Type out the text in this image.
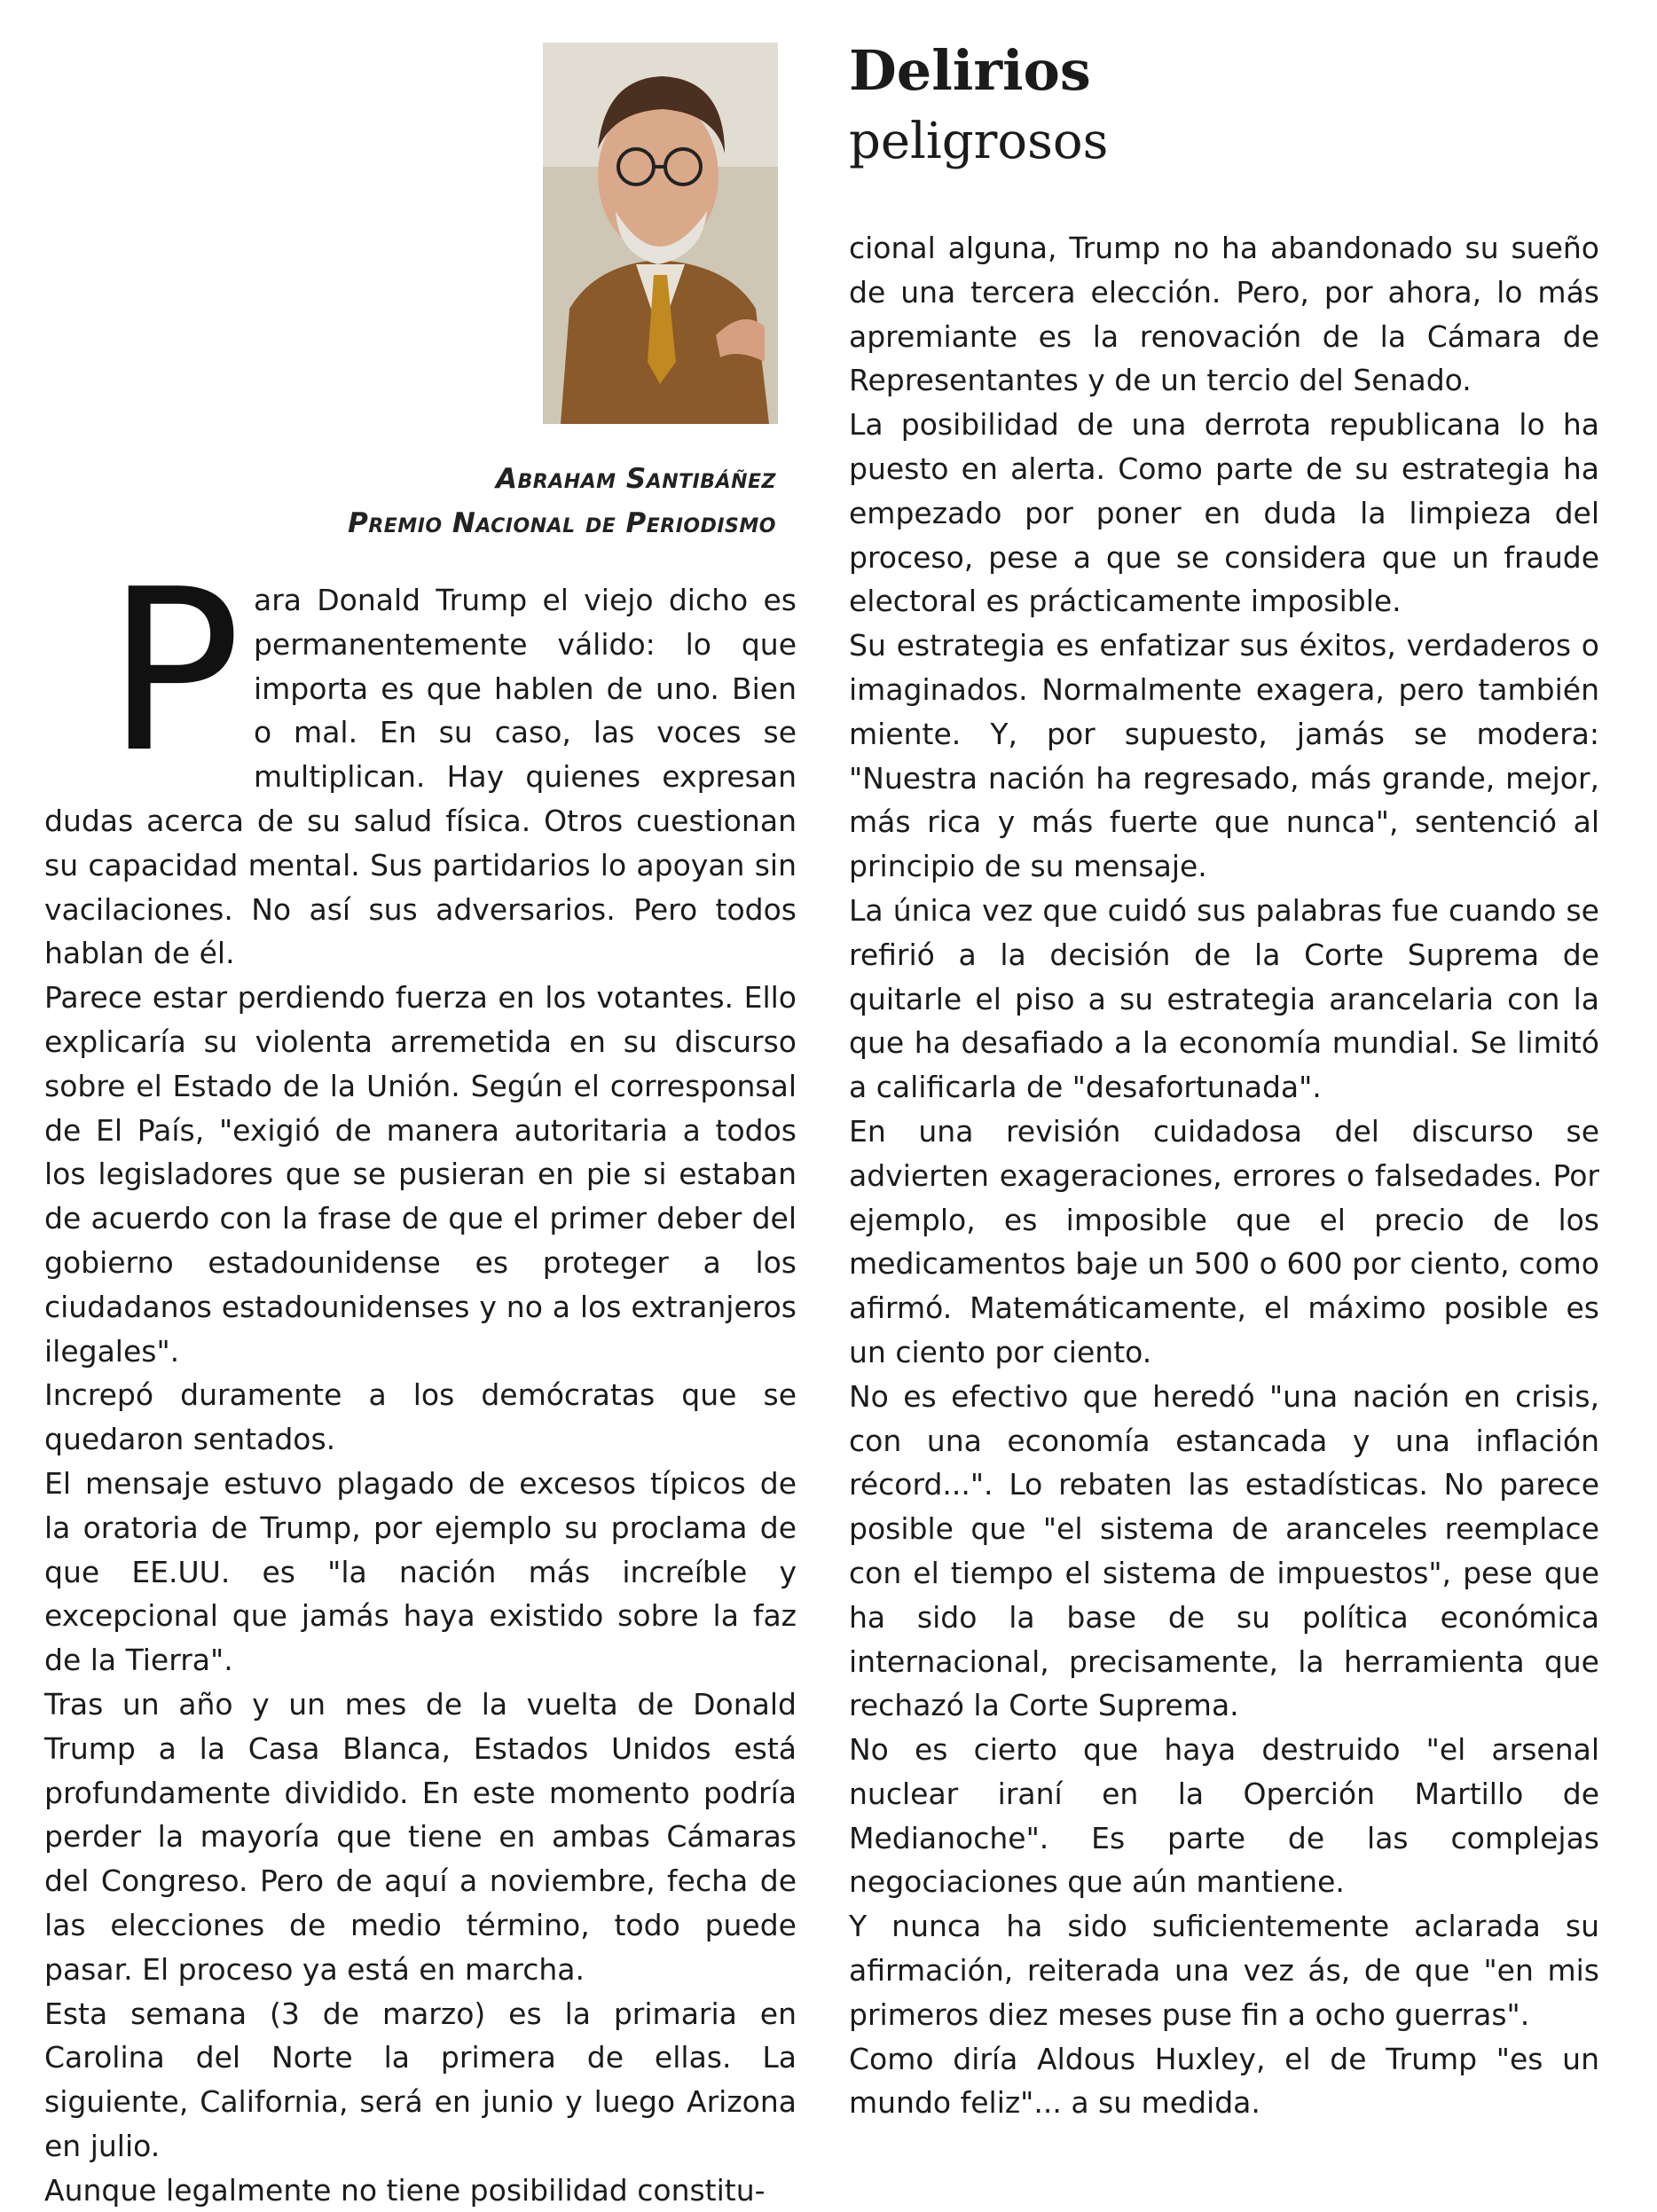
Abraham Santibáñez
Premio Nacional de Periodismo
Delirios
peligrosos
P ara Donald Trump el viejo dicho es permanentemente válido: lo que importa es que hablen de uno. Bien o mal. En su caso, las voces se multiplican. Hay quienes expresan dudas acerca de su salud física. Otros cuestionan su capacidad mental. Sus partidarios lo apoyan sin vacilaciones. No así sus adversarios. Pero todos hablan de él.

Parece estar perdiendo fuerza en los votantes. Ello explicaría su violenta arremetida en su discurso sobre el Estado de la Unión. Según el corresponsal de El País, "exigió de manera autoritaria a todos los legisladores que se pusieran en pie si estaban de acuerdo con la frase de que el primer deber del gobierno estadounidense es proteger a los ciudadanos estadounidenses y no a los extranjeros ilegales".

Increpó duramente a los demócratas que se quedaron sentados.

El mensaje estuvo plagado de excesos típicos de la oratoria de Trump, por ejemplo su proclama de que EE.UU. es "la nación más increíble y excepcional que jamás haya existido sobre la faz de la Tierra".

Tras un año y un mes de la vuelta de Donald Trump a la Casa Blanca, Estados Unidos está profundamente dividido. En este momento podría perder la mayoría que tiene en ambas Cámaras del Congreso. Pero de aquí a noviembre, fecha de las elecciones de medio término, todo puede pasar. El proceso ya está en marcha.

Esta semana (3 de marzo) es la primaria en Carolina del Norte la primera de ellas. La siguiente, California, será en junio y luego Arizona en julio.

Aunque legalmente no tiene posibilidad constitu-

cional alguna, Trump no ha abandonado su sueño de una tercera elección. Pero, por ahora, lo más apremiante es la renovación de la Cámara de Representantes y de un tercio del Senado.

La posibilidad de una derrota republicana lo ha puesto en alerta. Como parte de su estrategia ha empezado por poner en duda la limpieza del proceso, pese a que se considera que un fraude electoral es prácticamente imposible.

Su estrategia es enfatizar sus éxitos, verdaderos o imaginados. Normalmente exagera, pero también miente. Y, por supuesto, jamás se modera: "Nuestra nación ha regresado, más grande, mejor, más rica y más fuerte que nunca", sentenció al principio de su mensaje.

La única vez que cuidó sus palabras fue cuando se refirió a la decisión de la Corte Suprema de quitarle el piso a su estrategia arancelaria con la que ha desafiado a la economía mundial. Se limitó a calificarla de "desafortunada".

En una revisión cuidadosa del discurso se advierten exageraciones, errores o falsedades. Por ejemplo, es imposible que el precio de los medicamentos baje un 500 o 600 por ciento, como afirmó. Matemáticamente, el máximo posible es un ciento por ciento.

No es efectivo que heredó "una nación en crisis, con una economía estancada y una inflación récord...". Lo rebaten las estadísticas. No parece posible que "el sistema de aranceles reemplace con el tiempo el sistema de impuestos", pese que ha sido la base de su política económica internacional, precisamente, la herramienta que rechazó la Corte Suprema.

No es cierto que haya destruido "el arsenal nuclear iraní en la Operción Martillo de Medianoche". Es parte de las complejas negociaciones que aún mantiene.

Y nunca ha sido suficientemente aclarada su afirmación, reiterada una vez ás, de que "en mis primeros diez meses puse fin a ocho guerras".

Como diría Aldous Huxley, el de Trump "es un mundo feliz"... a su medida.
